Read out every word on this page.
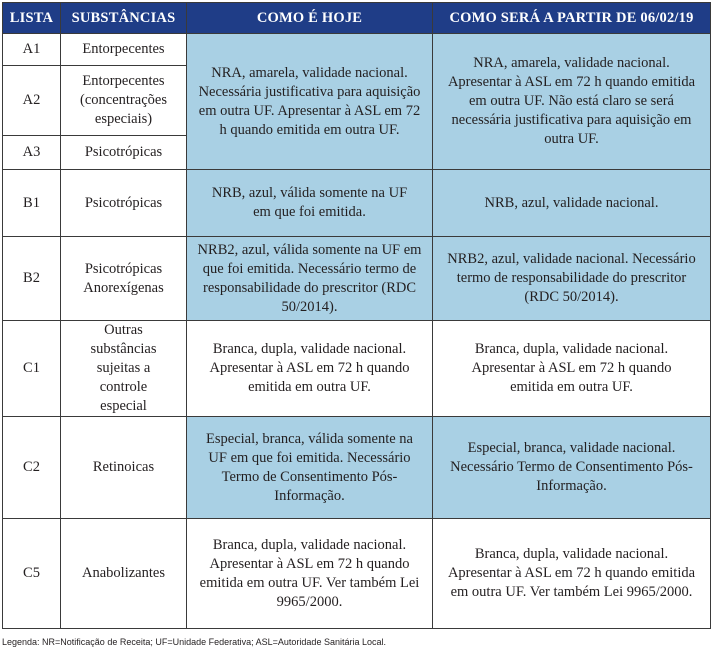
LISTA	SUBSTÂNCIAS	COMO É HOJE	COMO SERÁ A PARTIR DE 06/02/19
A1	Entorpecentes	NRA, amarela, validade nacional. Necessária justificativa para aquisição em outra UF. Apresentar à ASL em 72 h quando emitida em outra UF.	NRA, amarela, validade nacional. Apresentar à ASL em 72 h quando emitida em outra UF. Não está claro se será necessária justificativa para aquisição em outra UF.
A2	Entorpecentes (concentrações especiais)		
A3	Psicotrópicas		
B1	Psicotrópicas	NRB, azul, válida somente na UF em que foi emitida.	NRB, azul, validade nacional.
B2	Psicotrópicas Anorexígenas	NRB2, azul, válida somente na UF em que foi emitida. Necessário termo de responsabilidade do prescritor (RDC 50/2014).	NRB2, azul, validade nacional. Necessário termo de responsabilidade do prescritor (RDC 50/2014).
C1	Outras substâncias sujeitas a controle especial	Branca, dupla, validade nacional. Apresentar à ASL em 72 h quando emitida em outra UF.	Branca, dupla, validade nacional. Apresentar à ASL em 72 h quando emitida em outra UF.
C2	Retinoicas	Especial, branca, válida somente na UF em que foi emitida. Necessário Termo de Consentimento Pós-Informação.	Especial, branca, validade nacional. Necessário Termo de Consentimento Pós-Informação.
C5	Anabolizantes	Branca, dupla, validade nacional. Apresentar à ASL em 72 h quando emitida em outra UF. Ver também Lei 9965/2000.	Branca, dupla, validade nacional. Apresentar à ASL em 72 h quando emitida em outra UF. Ver também Lei 9965/2000.
Legenda: NR=Notificação de Receita; UF=Unidade Federativa; ASL=Autoridade Sanitária Local.
